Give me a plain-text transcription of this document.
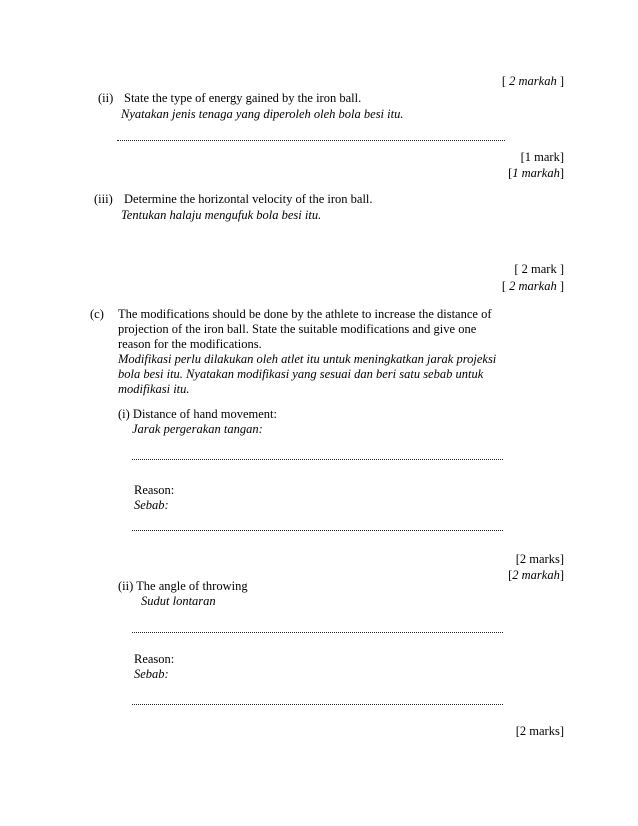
[ 2 markah ]
(ii) State the type of energy gained by the iron ball.
Nyatakan jenis tenaga yang diperoleh oleh bola besi itu.
[1 mark]
[1 markah]
(iii) Determine the horizontal velocity of the iron ball.
Tentukan halaju mengufuk bola besi itu.
[ 2 mark ]
[ 2 markah ]
(c) The modifications should be done by the athlete to increase the distance of
projection of the iron ball. State the suitable modifications and give one
reason for the modifications.
Modifikasi perlu dilakukan oleh atlet itu untuk meningkatkan jarak projeksi
bola besi itu. Nyatakan modifikasi yang sesuai dan beri satu sebab untuk
modifikasi itu.
(i) Distance of hand movement:
Jarak pergerakan tangan:
Reason:
Sebab:
[2 marks]
[2 markah]
(ii) The angle of throwing
Sudut lontaran
Reason:
Sebab:
[2 marks]
